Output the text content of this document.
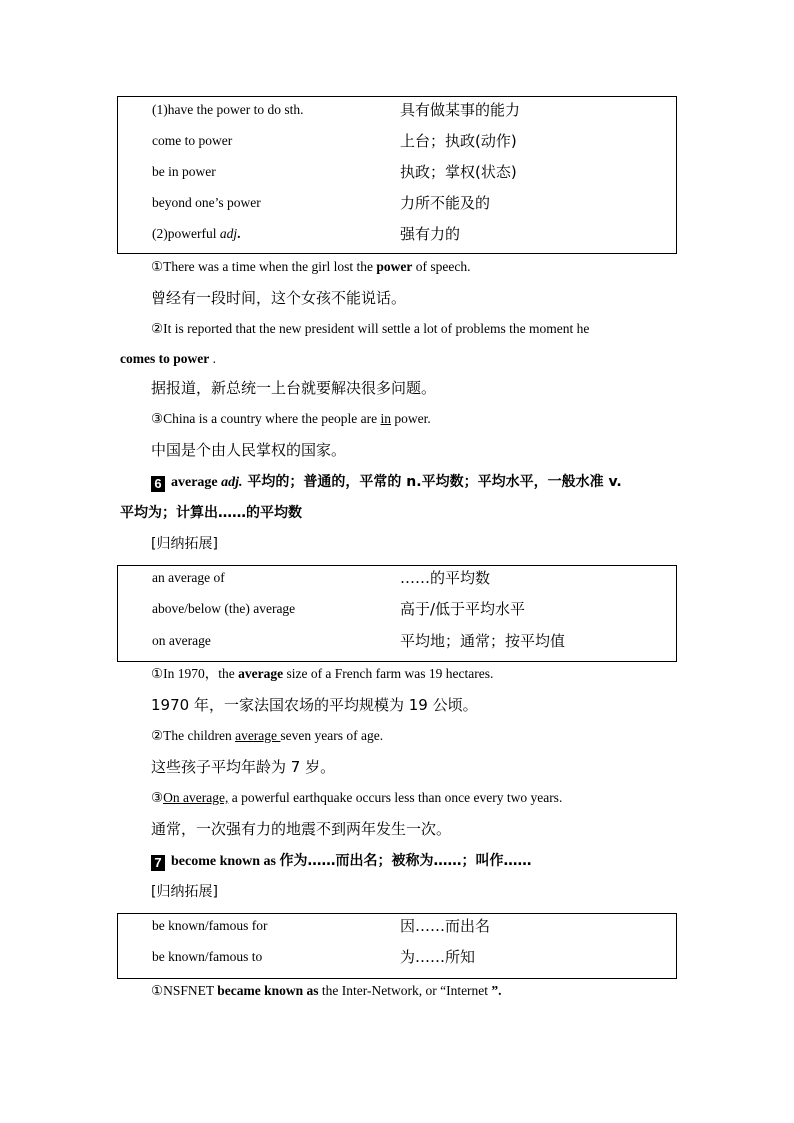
(1)have the power to do sth.	具有做某事的能力
come to power	上台；执政(动作)
be in power	执政；掌权(状态)
beyond one’s power	力所不能及的
(2)powerful adj.	强有力的
①There was a time when the girl lost the power of speech.
曾经有一段时间，这个女孩不能说话。
②It is reported that the new president will settle a lot of problems the moment he
comes to power .
据报道，新总统一上台就要解决很多问题。
③China is a country where the people are in power.
中国是个由人民掌权的国家。
6 average adj. 平均的；普通的，平常的 n.平均数；平均水平，一般水准 v.
平均为；计算出……的平均数
[归纳拓展]
an average of	……的平均数
above/below (the) average	高于/低于平均水平
on average	平均地；通常；按平均值
①In 1970，the average size of a French farm was 19 hectares.
1970 年，一家法国农场的平均规模为 19 公顷。
②The children average seven years of age.
这些孩子平均年龄为 7 岁。
③On average, a powerful earthquake occurs less than once every two years.
通常，一次强有力的地震不到两年发生一次。
7 become known as 作为……而出名；被称为……；叫作……
[归纳拓展]
be known/famous for	因……而出名
be known/famous to	为……所知
①NSFNET became known as the Inter-Network, or “Internet ”.
